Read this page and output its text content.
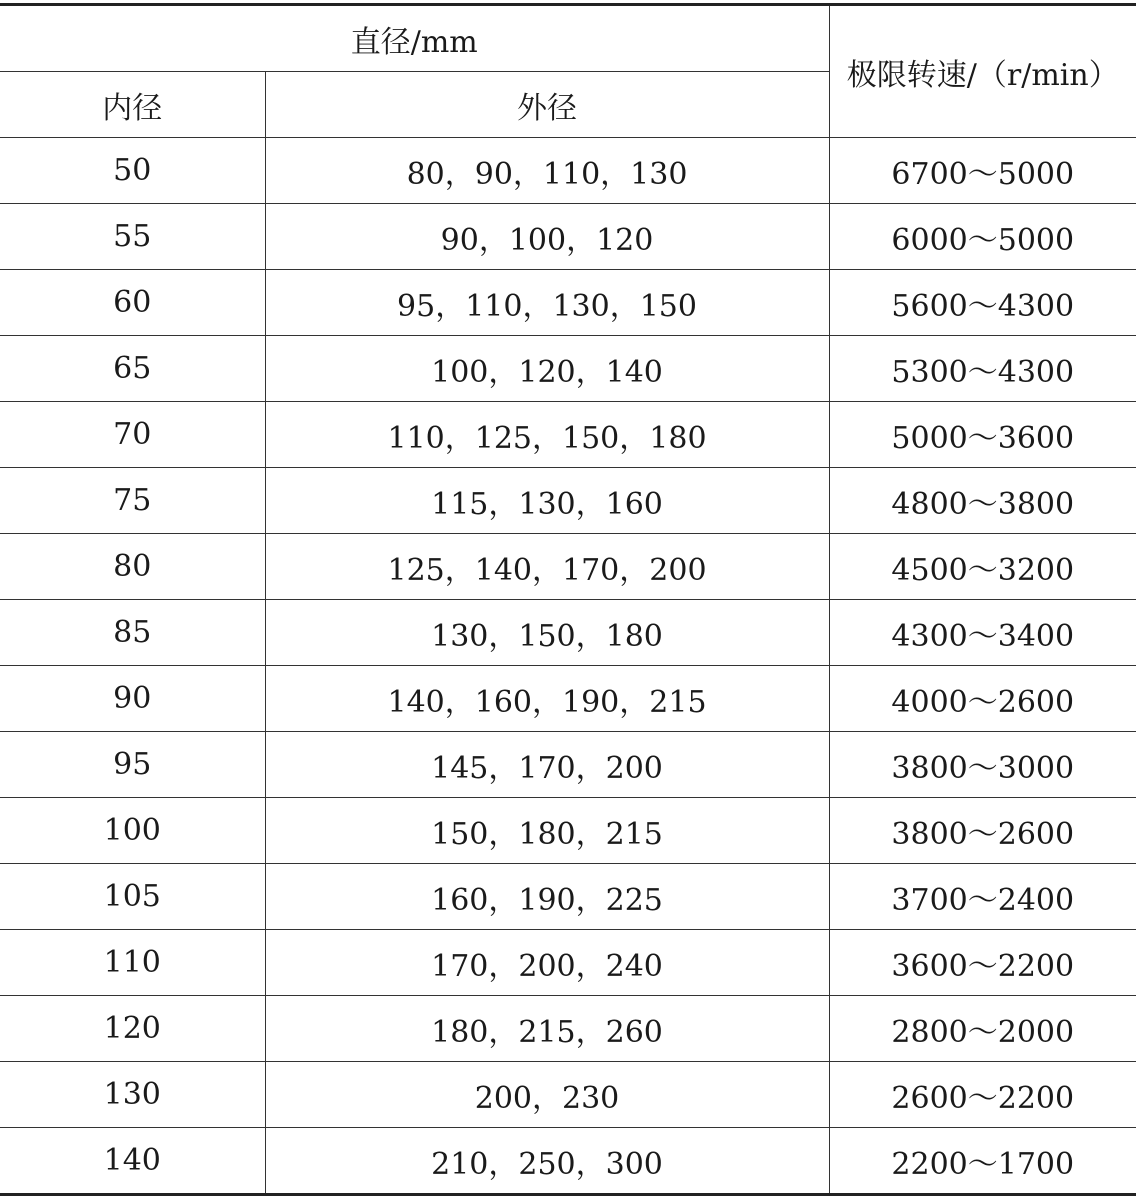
直径/mm		极限转速/（r/min）
内径	外径	
50	80，90，110，130	6700～5000
55	90，100，120	6000～5000
60	95，110，130，150	5600～4300
65	100，120，140	5300～4300
70	110，125，150，180	5000～3600
75	115，130，160	4800～3800
80	125，140，170，200	4500～3200
85	130，150，180	4300～3400
90	140，160，190，215	4000～2600
95	145，170，200	3800～3000
100	150，180，215	3800～2600
105	160，190，225	3700～2400
110	170，200，240	3600～2200
120	180，215，260	2800～2000
130	200，230	2600～2200
140	210，250，300	2200～1700
